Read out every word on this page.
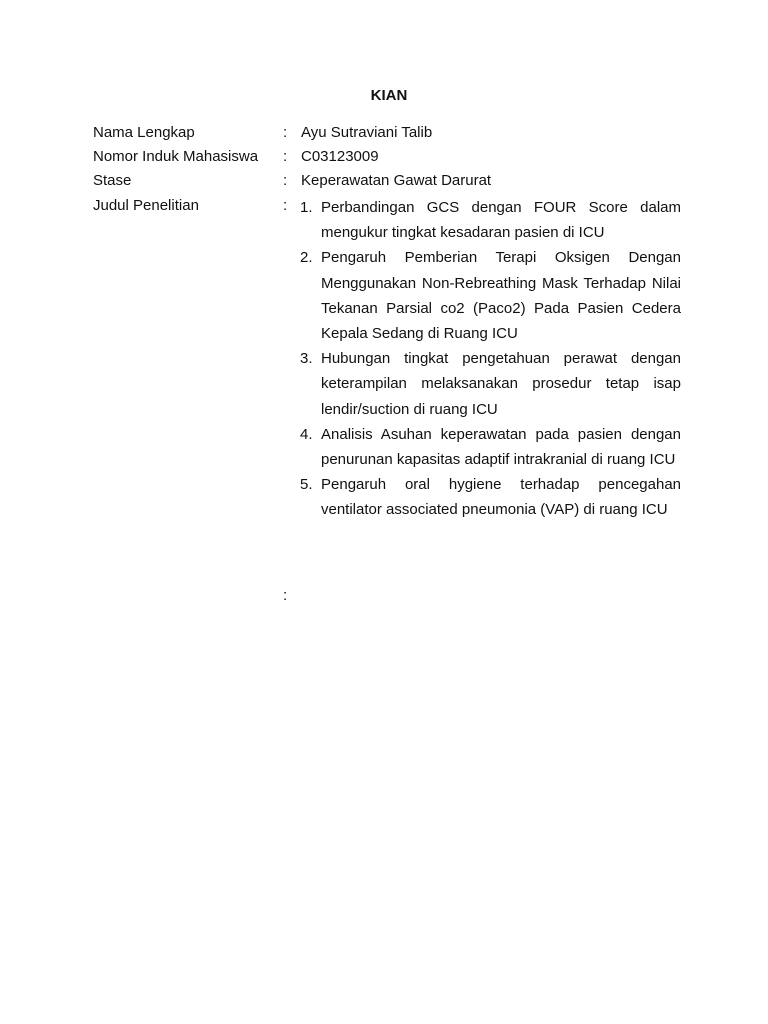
KIAN
Nama Lengkap	: Ayu Sutraviani Talib
Nomor Induk Mahasiswa : C03123009
Stase	: Keperawatan Gawat Darurat
Judul Penelitian	: 1. Perbandingan GCS dengan FOUR Score dalam mengukur tingkat kesadaran pasien di ICU
2. Pengaruh Pemberian Terapi Oksigen Dengan Menggunakan Non-Rebreathing Mask Terhadap Nilai Tekanan Parsial co2 (Paco2) Pada Pasien Cedera Kepala Sedang di Ruang ICU
3. Hubungan tingkat pengetahuan perawat dengan keterampilan melaksanakan prosedur tetap isap lendir/suction di ruang ICU
4. Analisis Asuhan keperawatan pada pasien dengan penurunan kapasitas adaptif intrakranial di ruang ICU
5. Pengaruh oral hygiene terhadap pencegahan ventilator associated pneumonia (VAP) di ruang ICU
:
